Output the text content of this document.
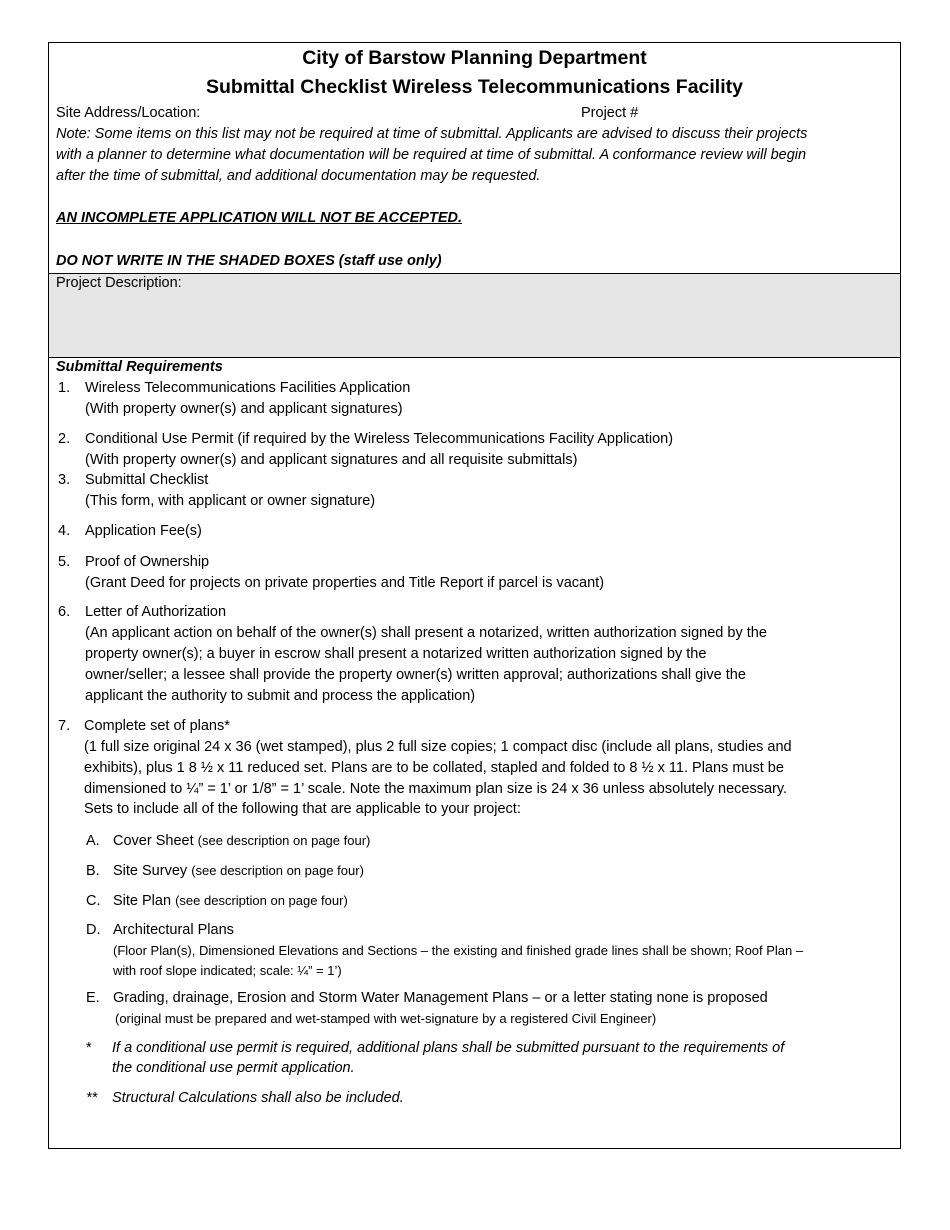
City of Barstow Planning Department
Submittal Checklist Wireless Telecommunications Facility
Site Address/Location:	Project #
Note: Some items on this list may not be required at time of submittal. Applicants are advised to discuss their projects
with a planner to determine what documentation will be required at time of submittal. A conformance review will begin
after the time of submittal, and additional documentation may be requested.
AN INCOMPLETE APPLICATION WILL NOT BE ACCEPTED.
DO NOT WRITE IN THE SHADED BOXES (staff use only)
Project Description:
Submittal Requirements
1. Wireless Telecommunications Facilities Application
(With property owner(s) and applicant signatures)
2. Conditional Use Permit (if required by the Wireless Telecommunications Facility Application)
(With property owner(s) and applicant signatures and all requisite submittals)
3. Submittal Checklist
(This form, with applicant or owner signature)
4. Application Fee(s)
5. Proof of Ownership
(Grant Deed for projects on private properties and Title Report if parcel is vacant)
6. Letter of Authorization
(An applicant action on behalf of the owner(s) shall present a notarized, written authorization signed by the
property owner(s); a buyer in escrow shall present a notarized written authorization signed by the
owner/seller; a lessee shall provide the property owner(s) written approval; authorizations shall give the
applicant the authority to submit and process the application)
7. Complete set of plans*
(1 full size original 24 x 36 (wet stamped), plus 2 full size copies; 1 compact disc (include all plans, studies and
exhibits), plus 1 8 ½ x 11 reduced set. Plans are to be collated, stapled and folded to 8 ½ x 11. Plans must be
dimensioned to ¼” = 1’ or 1/8” = 1’ scale. Note the maximum plan size is 24 x 36 unless absolutely necessary.
Sets to include all of the following that are applicable to your project:
A. Cover Sheet (see description on page four)
B. Site Survey (see description on page four)
C. Site Plan (see description on page four)
D. Architectural Plans
(Floor Plan(s), Dimensioned Elevations and Sections – the existing and finished grade lines shall be shown; Roof Plan –
with roof slope indicated; scale: ¼” = 1’)
E. Grading, drainage, Erosion and Storm Water Management Plans – or a letter stating none is proposed
(original must be prepared and wet-stamped with wet-signature by a registered Civil Engineer)
* If a conditional use permit is required, additional plans shall be submitted pursuant to the requirements of
the conditional use permit application.
** Structural Calculations shall also be included.
